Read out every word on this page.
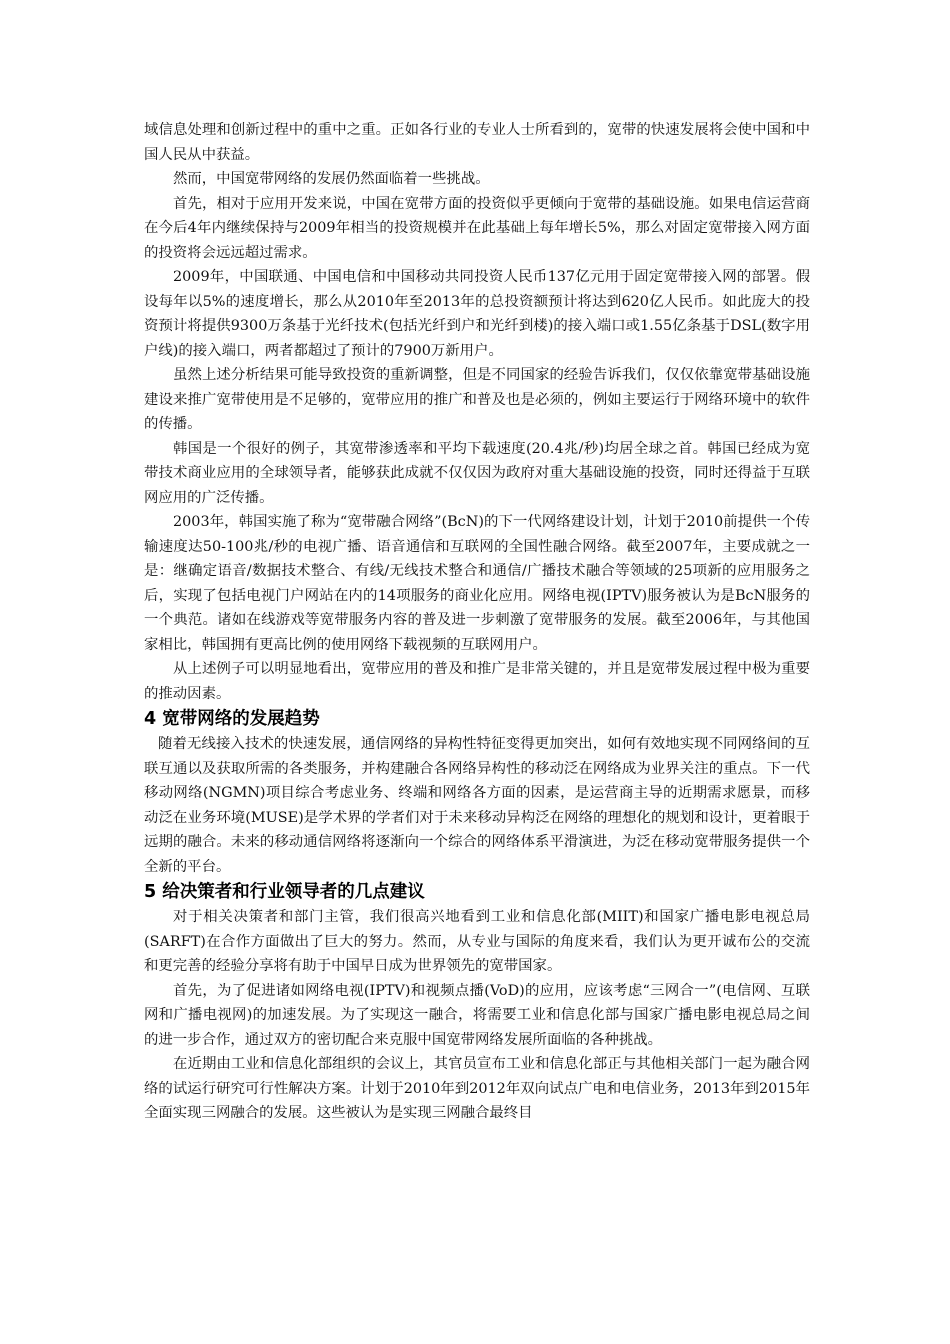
域信息处理和创新过程中的重中之重。正如各行业的专业人士所看到的，宽带的快速发展将会使中国和中国人民从中获益。

然而，中国宽带网络的发展仍然面临着一些挑战。

首先，相对于应用开发来说，中国在宽带方面的投资似乎更倾向于宽带的基础设施。如果电信运营商在今后4年内继续保持与2009年相当的投资规模并在此基础上每年增长5%，那么对固定宽带接入网方面的投资将会远远超过需求。

2009年，中国联通、中国电信和中国移动共同投资人民币137亿元用于固定宽带接入网的部署。假设每年以5%的速度增长，那么从2010年至2013年的总投资额预计将达到620亿人民币。如此庞大的投资预计将提供9300万条基于光纤技术(包括光纤到户和光纤到楼)的接入端口或1.55亿条基于DSL(数字用户线)的接入端口，两者都超过了预计的7900万新用户。

虽然上述分析结果可能导致投资的重新调整，但是不同国家的经验告诉我们，仅仅依靠宽带基础设施建设来推广宽带使用是不足够的，宽带应用的推广和普及也是必须的，例如主要运行于网络环境中的软件的传播。

韩国是一个很好的例子，其宽带渗透率和平均下载速度(20.4兆/秒)均居全球之首。韩国已经成为宽带技术商业应用的全球领导者，能够获此成就不仅仅因为政府对重大基础设施的投资，同时还得益于互联网应用的广泛传播。

2003年，韩国实施了称为“宽带融合网络”(BcN)的下一代网络建设计划，计划于2010前提供一个传输速度达50-100兆/秒的电视广播、语音通信和互联网的全国性融合网络。截至2007年，主要成就之一是：继确定语音/数据技术整合、有线/无线技术整合和通信/广播技术融合等领域的25项新的应用服务之后，实现了包括电视门户网站在内的14项服务的商业化应用。网络电视(IPTV)服务被认为是BcN服务的一个典范。诸如在线游戏等宽带服务内容的普及进一步刺激了宽带服务的发展。截至2006年，与其他国家相比，韩国拥有更高比例的使用网络下载视频的互联网用户。

从上述例子可以明显地看出，宽带应用的普及和推广是非常关键的，并且是宽带发展过程中极为重要的推动因素。

4 宽带网络的发展趋势

随着无线接入技术的快速发展，通信网络的异构性特征变得更加突出，如何有效地实现不同网络间的互联互通以及获取所需的各类服务，并构建融合各网络异构性的移动泛在网络成为业界关注的重点。下一代移动网络(NGMN)项目综合考虑业务、终端和网络各方面的因素，是运营商主导的近期需求愿景，而移动泛在业务环境(MUSE)是学术界的学者们对于未来移动异构泛在网络的理想化的规划和设计，更着眼于远期的融合。未来的移动通信网络将逐渐向一个综合的网络体系平滑演进，为泛在移动宽带服务提供一个全新的平台。

5 给决策者和行业领导者的几点建议

对于相关决策者和部门主管，我们很高兴地看到工业和信息化部(MIIT)和国家广播电影电视总局(SARFT)在合作方面做出了巨大的努力。然而，从专业与国际的角度来看，我们认为更开诚布公的交流和更完善的经验分享将有助于中国早日成为世界领先的宽带国家。

首先，为了促进诸如网络电视(IPTV)和视频点播(VoD)的应用，应该考虑“三网合一”(电信网、互联网和广播电视网)的加速发展。为了实现这一融合，将需要工业和信息化部与国家广播电影电视总局之间的进一步合作，通过双方的密切配合来克服中国宽带网络发展所面临的各种挑战。

在近期由工业和信息化部组织的会议上，其官员宣布工业和信息化部正与其他相关部门一起为融合网络的试运行研究可行性解决方案。计划于2010年到2012年双向试点广电和电信业务，2013年到2015年全面实现三网融合的发展。这些被认为是实现三网融合最终目
